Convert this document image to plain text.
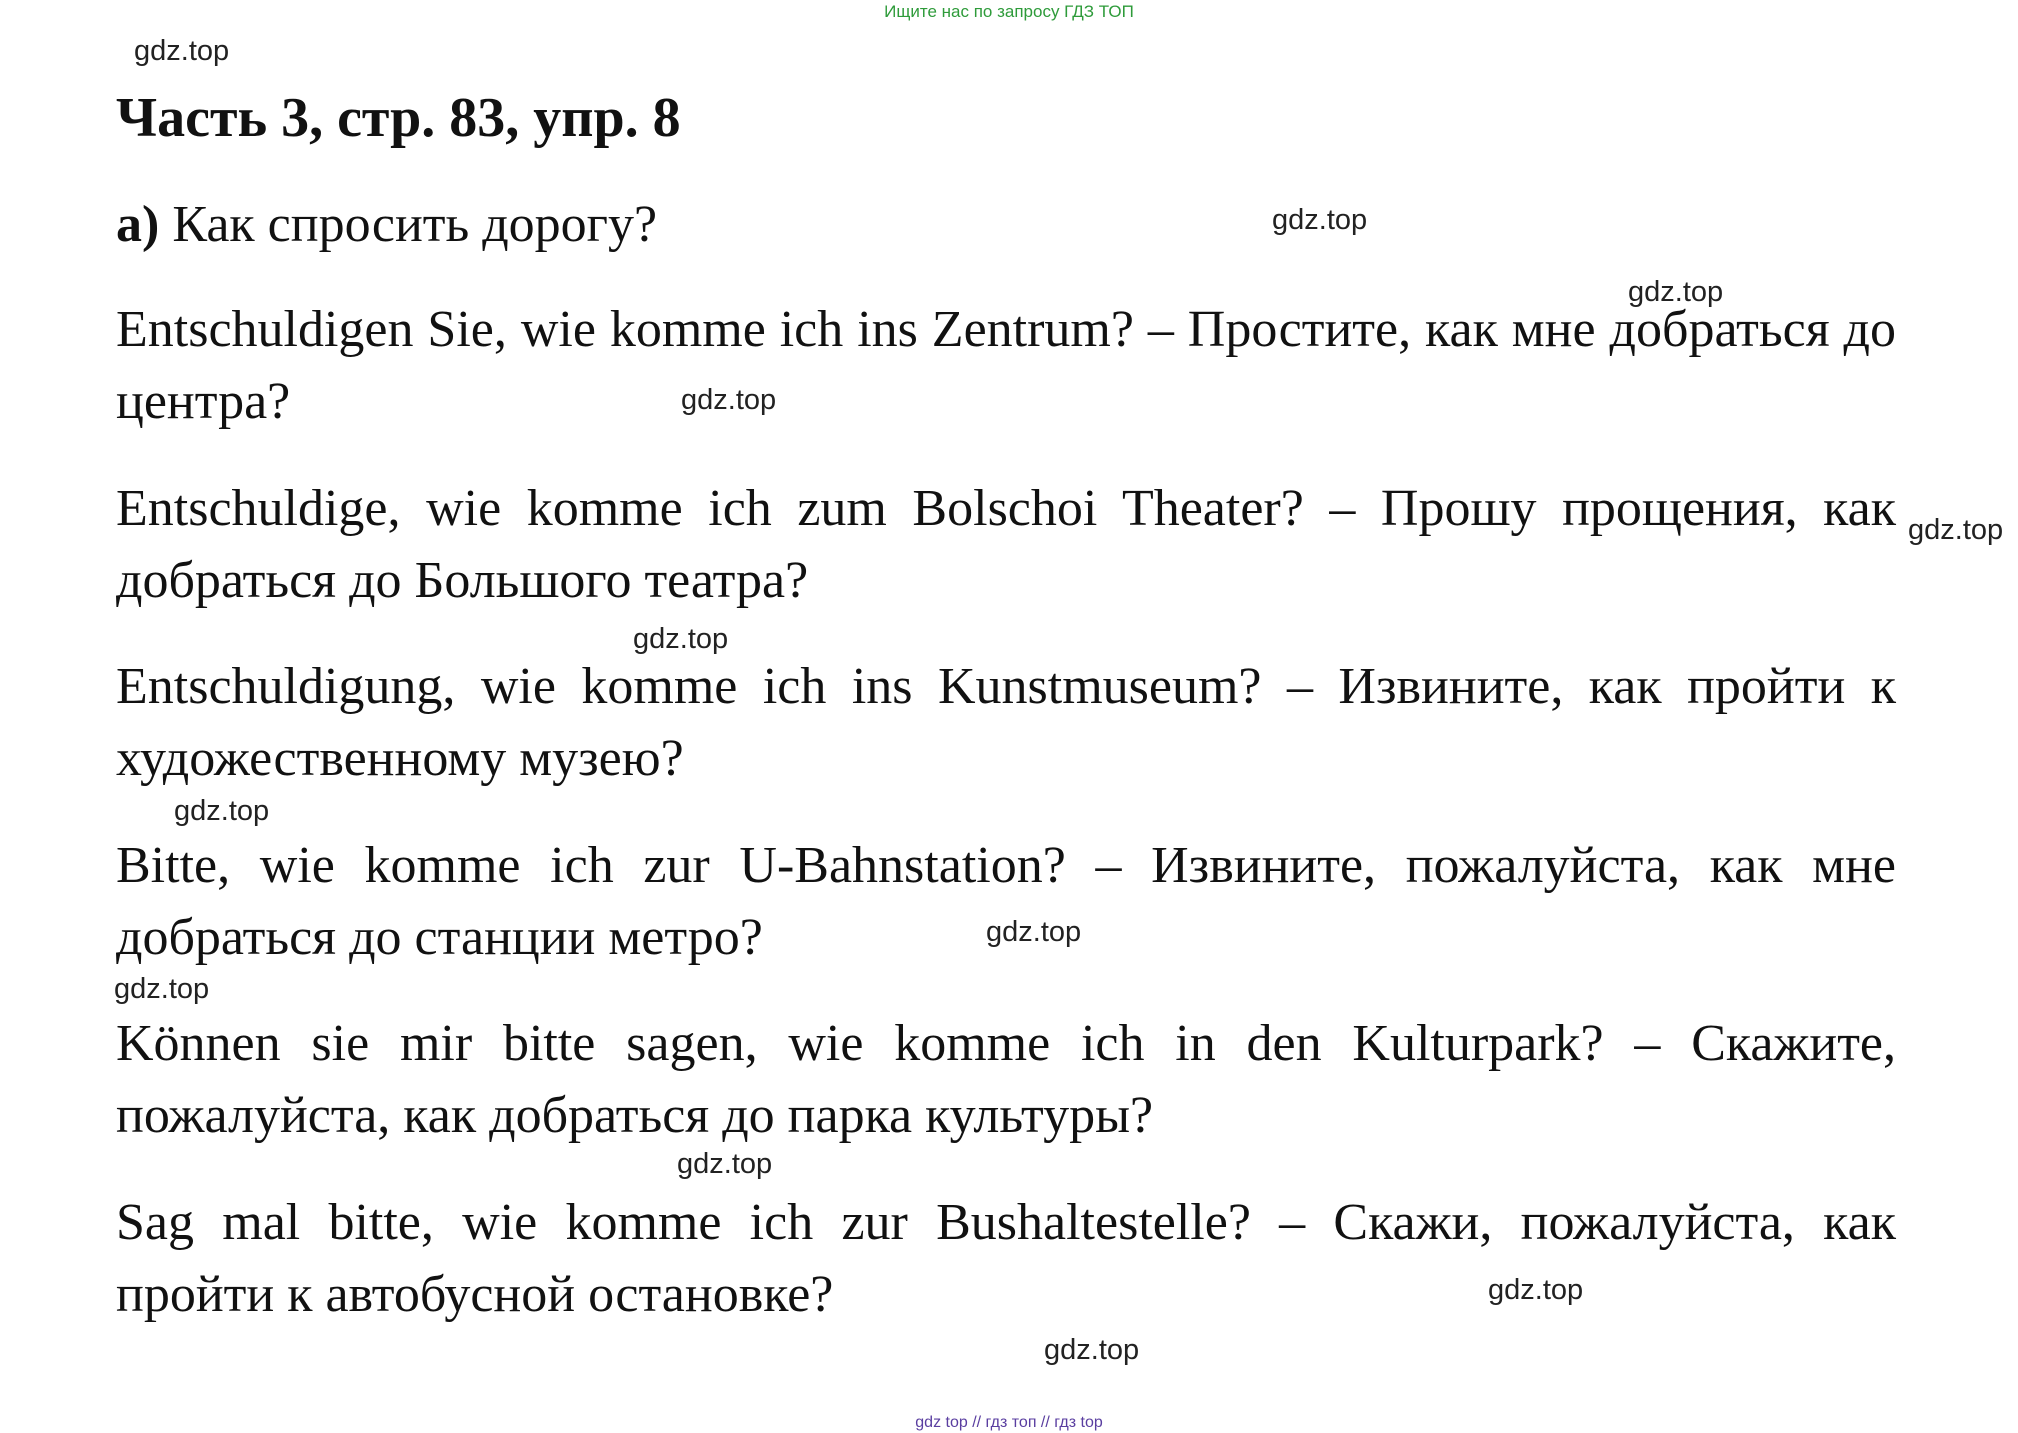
Ищите нас по запросу ГДЗ ТОП
Часть 3, стр. 83, упр. 8

а) Как спросить дорогу?

Entschuldigen Sie, wie komme ich ins Zentrum? – Простите, как мне добраться до центра?

Entschuldige, wie komme ich zum Bolschoi Theater? – Прошу прощения, как добраться до Большого театра?

Entschuldigung, wie komme ich ins Kunstmuseum? – Извините, как пройти к художественному музею?

Bitte, wie komme ich zur U-Bahnstation? – Извините, пожалуйста, как мне добраться до станции метро?

Können sie mir bitte sagen, wie komme ich in den Kulturpark? – Скажите, пожалуйста, как добраться до парка культуры?

Sag mal bitte, wie komme ich zur Bushaltestelle? – Скажи, пожалуйста, как пройти к автобусной остановке?

gdz.top
gdz.top
gdz.top
gdz.top
gdz.top
gdz.top
gdz.top
gdz.top
gdz.top
gdz.top
gdz.top
gdz.top
gdz top // гдз топ // гдз top
